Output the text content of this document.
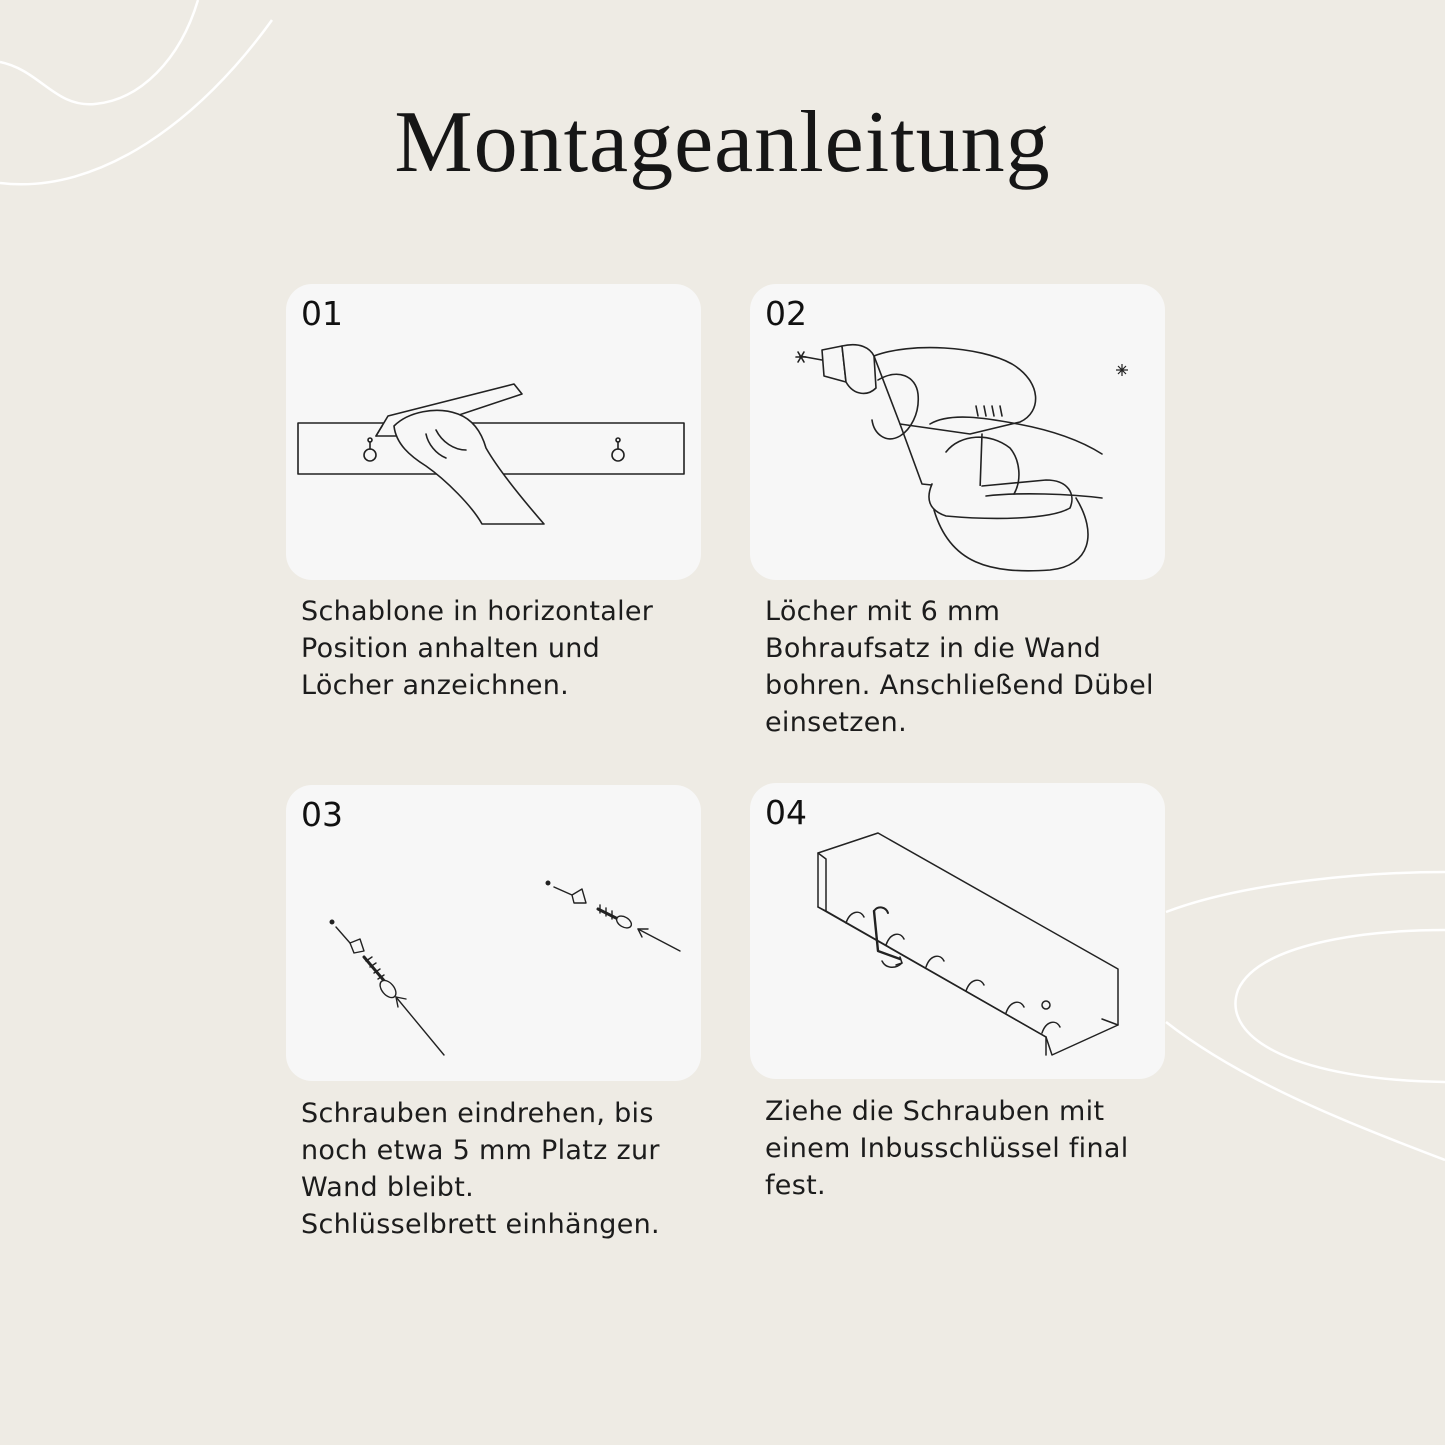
Montageanleitung
01
Schablone in horizontaler
Position anhalten und
Löcher anzeichnen.
02
Löcher mit 6 mm
Bohraufsatz in die Wand
bohren. Anschließend Dübel
einsetzen.
03
Schrauben eindrehen, bis
noch etwa 5 mm Platz zur
Wand bleibt.
Schlüsselbrett einhängen.
04
Ziehe die Schrauben mit
einem Inbusschlüssel final
fest.
